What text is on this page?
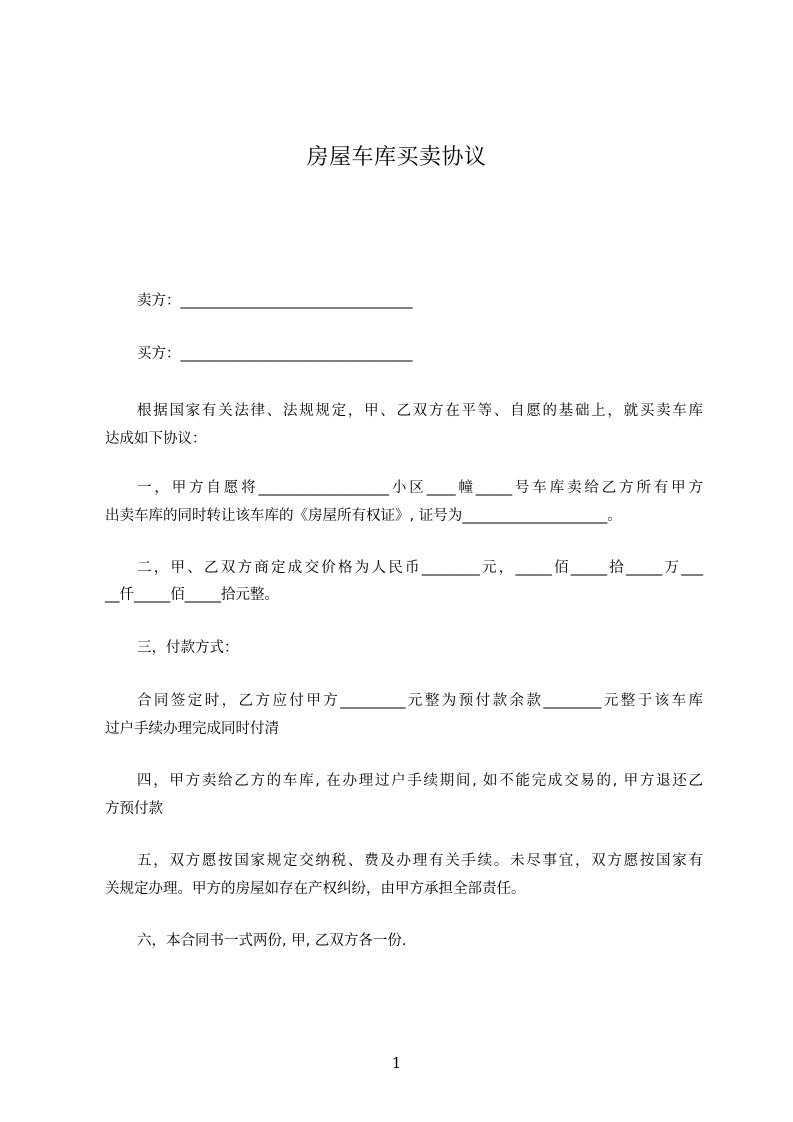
房屋车库买卖协议
卖方：________________________________
买方：________________________________
根据国家有关法律、法规规定，甲、乙双方在平等、自愿的基础上，就买卖车库
达成如下协议：
一，甲方自愿将__________________小区____幢_____号车库卖给乙方所有甲方
出卖车库的同时转让该车库的《房屋所有权证》, 证号为____________________。
二，甲、乙双方商定成交价格为人民币________元，_____佰_____拾_____万___
__仟_____佰_____拾元整。
三，付款方式：
合同签定时，乙方应付甲方_________元整为预付款余款________元整于该车库
过户手续办理完成同时付清
四，甲方卖给乙方的车库, 在办理过户手续期间, 如不能完成交易的, 甲方退还乙
方预付款
五，双方愿按国家规定交纳税、费及办理有关手续。未尽事宜，双方愿按国家有
关规定办理。甲方的房屋如存在产权纠纷，由甲方承担全部责任。
六，本合同书一式两份, 甲, 乙双方各一份.
1
